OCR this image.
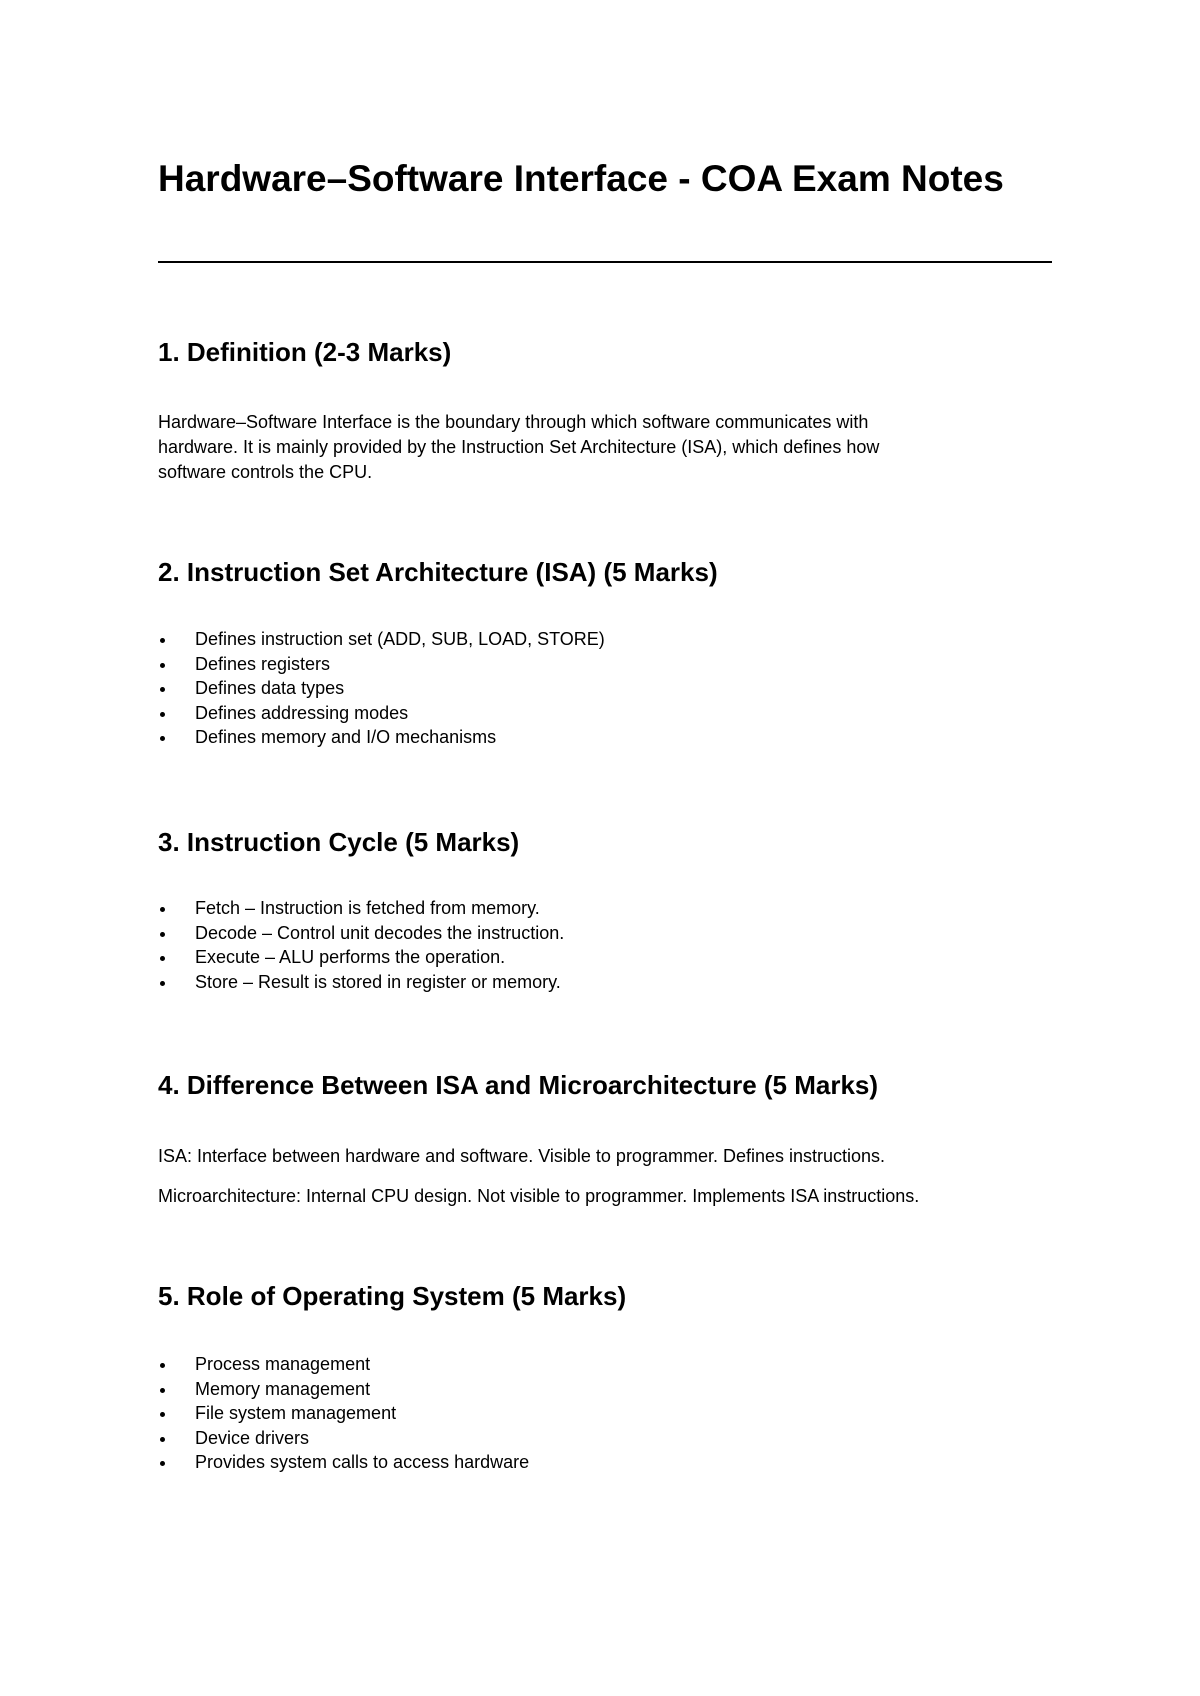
Hardware–Software Interface - COA Exam Notes
1. Definition (2-3 Marks)
Hardware–Software Interface is the boundary through which software communicates with
hardware. It is mainly provided by the Instruction Set Architecture (ISA), which defines how
software controls the CPU.
2. Instruction Set Architecture (ISA) (5 Marks)
Defines instruction set (ADD, SUB, LOAD, STORE)
Defines registers
Defines data types
Defines addressing modes
Defines memory and I/O mechanisms
3. Instruction Cycle (5 Marks)
Fetch – Instruction is fetched from memory.
Decode – Control unit decodes the instruction.
Execute – ALU performs the operation.
Store – Result is stored in register or memory.
4. Difference Between ISA and Microarchitecture (5 Marks)
ISA: Interface between hardware and software. Visible to programmer. Defines instructions.
Microarchitecture: Internal CPU design. Not visible to programmer. Implements ISA instructions.
5. Role of Operating System (5 Marks)
Process management
Memory management
File system management
Device drivers
Provides system calls to access hardware
